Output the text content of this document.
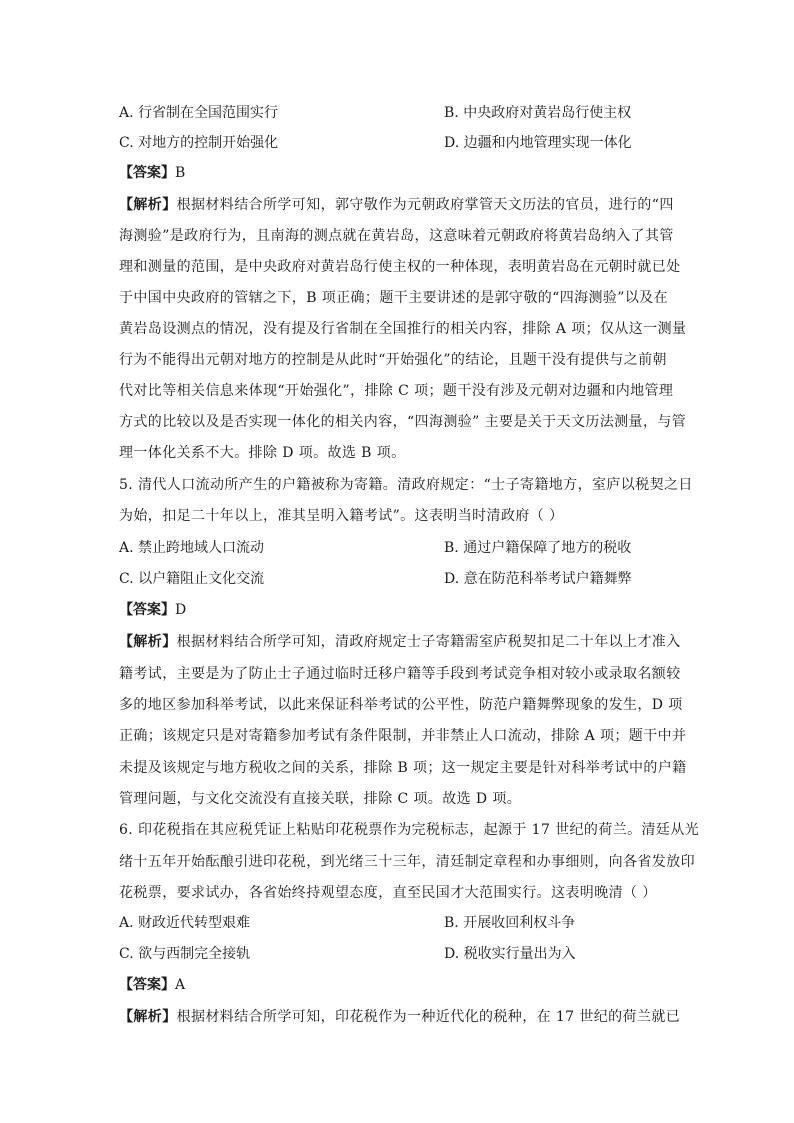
A. 行省制在全国范围实行	B. 中央政府对黄岩岛行使主权
C. 对地方的控制开始强化	D. 边疆和内地管理实现一体化
【答案】B
【解析】根据材料结合所学可知，郭守敬作为元朝政府掌管天文历法的官员，进行的“四
海测验”是政府行为，且南海的测点就在黄岩岛，这意味着元朝政府将黄岩岛纳入了其管
理和测量的范围，是中央政府对黄岩岛行使主权的一种体现，表明黄岩岛在元朝时就已处
于中国中央政府的管辖之下，B 项正确；题干主要讲述的是郭守敬的“四海测验”以及在
黄岩岛设测点的情况，没有提及行省制在全国推行的相关内容，排除 A 项；仅从这一测量
行为不能得出元朝对地方的控制是从此时“开始强化”的结论，且题干没有提供与之前朝
代对比等相关信息来体现“开始强化”，排除 C 项；题干没有涉及元朝对边疆和内地管理
方式的比较以及是否实现一体化的相关内容，“四海测验” 主要是关于天文历法测量，与管
理一体化关系不大。排除 D 项。故选 B 项。
5. 清代人口流动所产生的户籍被称为寄籍。清政府规定：“士子寄籍地方，室庐以税契之日
为始，扣足二十年以上，准其呈明入籍考试”。这表明当时清政府（ ）
A. 禁止跨地域人口流动	B. 通过户籍保障了地方的税收
C. 以户籍阻止文化交流	D. 意在防范科举考试户籍舞弊
【答案】D
【解析】根据材料结合所学可知，清政府规定士子寄籍需室庐税契扣足二十年以上才准入
籍考试，主要是为了防止士子通过临时迁移户籍等手段到考试竞争相对较小或录取名额较
多的地区参加科举考试，以此来保证科举考试的公平性，防范户籍舞弊现象的发生，D 项
正确；该规定只是对寄籍参加考试有条件限制，并非禁止人口流动，排除 A 项；题干中并
未提及该规定与地方税收之间的关系，排除 B 项；这一规定主要是针对科举考试中的户籍
管理问题，与文化交流没有直接关联，排除 C 项。故选 D 项。
6. 印花税指在其应税凭证上粘贴印花税票作为完税标志，起源于 17 世纪的荷兰。清廷从光
绪十五年开始酝酿引进印花税，到光绪三十三年，清廷制定章程和办事细则，向各省发放印
花税票，要求试办，各省始终持观望态度，直至民国才大范围实行。这表明晚清（ ）
A. 财政近代转型艰难	B. 开展收回利权斗争
C. 欲与西制完全接轨	D. 税收实行量出为入
【答案】A
【解析】根据材料结合所学可知，印花税作为一种近代化的税种，在 17 世纪的荷兰就已
